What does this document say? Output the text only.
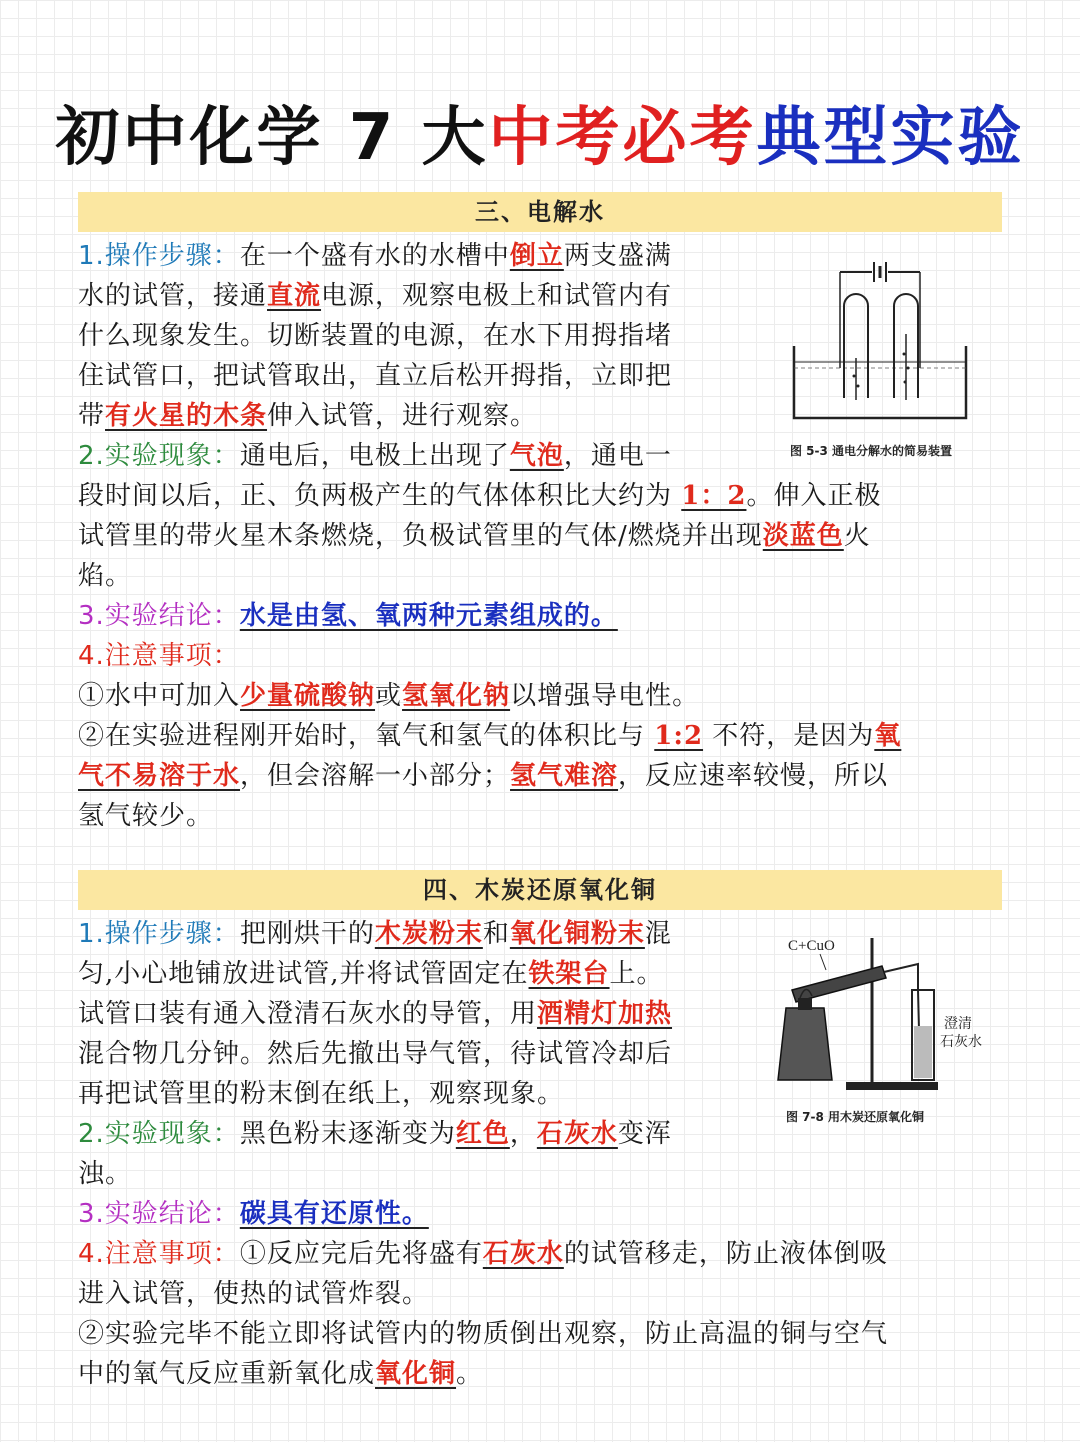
初中化学 7 大中考必考典型实验
三、电解水
图 5-3 通电分解水的简易装置

1.操作步骤：在一个盛有水的水槽中倒立两支盛满

水的试管，接通直流电源，观察电极上和试管内有

什么现象发生。切断装置的电源，在水下用拇指堵

住试管口，把试管取出，直立后松开拇指，立即把

带有火星的木条伸入试管，进行观察。

2.实验现象：通电后，电极上出现了气泡，通电一

段时间以后，正、负两极产生的气体体积比大约为 1：2。伸入正极

试管里的带火星木条燃烧，负极试管里的气体/燃烧并出现淡蓝色火

焰。

3.实验结论：水是由氢、氧两种元素组成的。

4.注意事项：

①水中可加入少量硫酸钠或氢氧化钠以增强导电性。

②在实验进程刚开始时，氧气和氢气的体积比与 1:2 不符，是因为氧

气不易溶于水，但会溶解一小部分；氢气难溶，反应速率较慢，所以

氢气较少。

四、木炭还原氧化铜
C+CuO
澄清
石灰水
图 7-8 用木炭还原氧化铜

1.操作步骤：把刚烘干的木炭粉末和氧化铜粉末混

匀,小心地铺放进试管,并将试管固定在铁架台上。

试管口装有通入澄清石灰水的导管，用酒精灯加热

混合物几分钟。然后先撤出导气管，待试管冷却后

再把试管里的粉末倒在纸上，观察现象。

2.实验现象：黑色粉末逐渐变为红色，石灰水变浑

浊。

3.实验结论：碳具有还原性。

4.注意事项：①反应完后先将盛有石灰水的试管移走，防止液体倒吸

进入试管，使热的试管炸裂。

②实验完毕不能立即将试管内的物质倒出观察，防止高温的铜与空气

中的氧气反应重新氧化成氧化铜。
